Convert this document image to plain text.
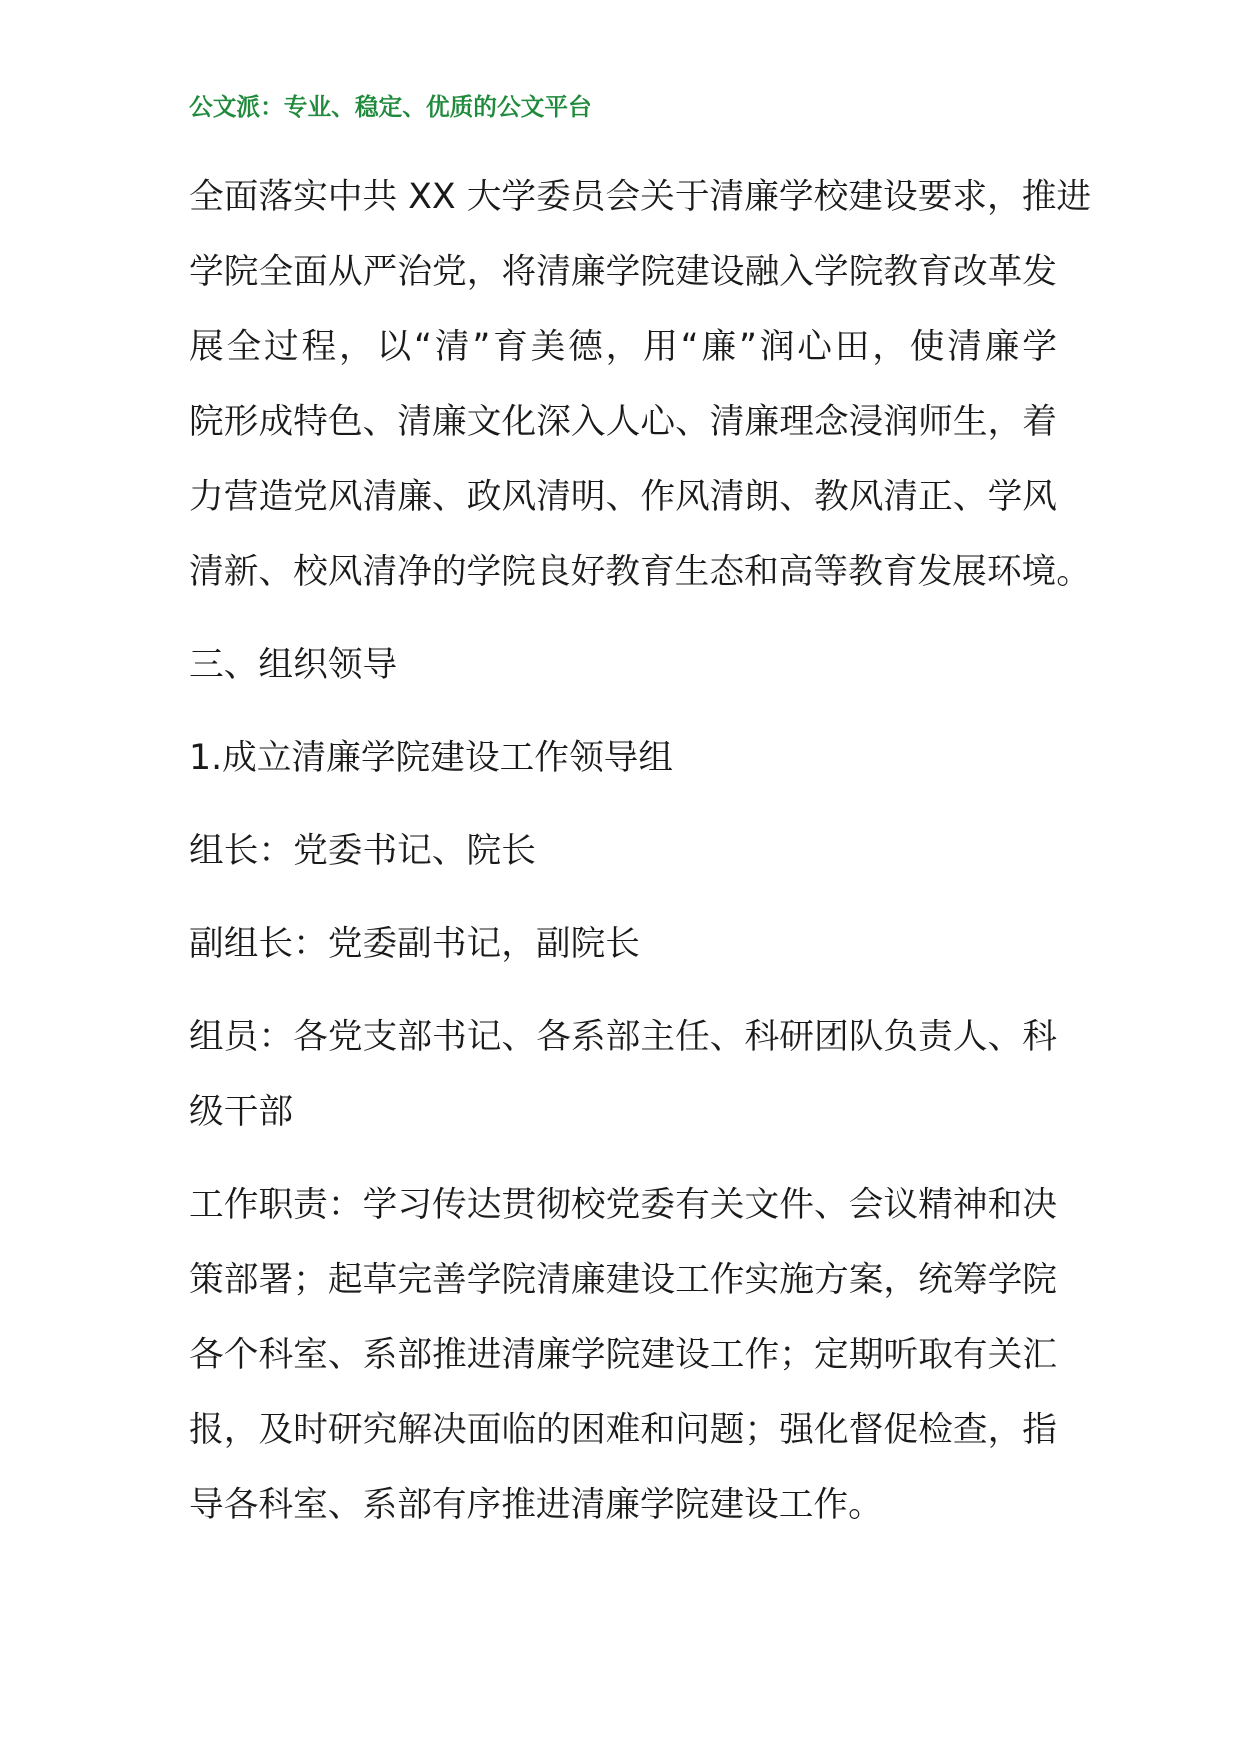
公文派：专业、稳定、优质的公文平台
全面落实中共 XX 大学委员会关于清廉学校建设要求，推进
学院全面从严治党，将清廉学院建设融入学院教育改革发
展全过程，以“清”育美德，用“廉”润心田，使清廉学
院形成特色、清廉文化深入人心、清廉理念浸润师生，着
力营造党风清廉、政风清明、作风清朗、教风清正、学风
清新、校风清净的学院良好教育生态和高等教育发展环境。
三、组织领导
1.成立清廉学院建设工作领导组
组长：党委书记、院长
副组长：党委副书记，副院长
组员：各党支部书记、各系部主任、科研团队负责人、科
级干部
工作职责：学习传达贯彻校党委有关文件、会议精神和决
策部署；起草完善学院清廉建设工作实施方案，统筹学院
各个科室、系部推进清廉学院建设工作；定期听取有关汇
报，及时研究解决面临的困难和问题；强化督促检查，指
导各科室、系部有序推进清廉学院建设工作。
